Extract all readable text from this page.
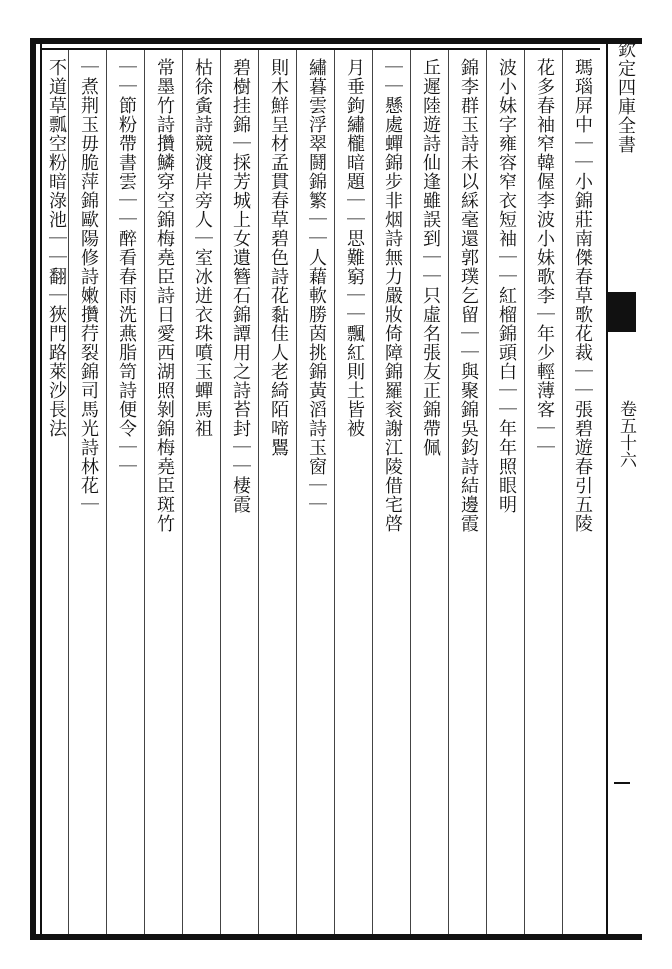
欽定四庫全書
卷五十六
瑪瑙屏中｜｜小錦莊南傑春草歌花裁｜｜張碧遊春引五陵
花多春袖窄韓偓李波小妹歌李｜年少輕薄客｜｜
波小妹字雍容窄衣短袖｜｜紅榴錦頭白｜｜年年照眼明
錦李群玉詩未以綵毫還郭璞乞留｜｜與聚錦吳鈞詩結邊霞
丘遲陸遊詩仙逢雖誤到｜｜只虛名張友正錦帶佩
｜｜懸處蟬錦步非烟詩無力嚴妝倚障錦羅衮謝江陵借宅啓
月垂鉤繡櫳暗題｜｜思難窮｜｜飄紅則土皆被
繡暮雲浮翠鬪錦繁｜｜人藉軟勝茵挑錦黃滔詩玉窗｜｜
則木鮮呈材孟貫春草碧色詩花黏佳人老綺陌啼鸎
碧樹挂錦｜採芳城上女遺簪石錦譚用之詩苔封｜｜棲霞
枯徐夤詩競渡岸旁人｜室冰迸衣珠噴玉蟬馬祖
常墨竹詩攢鱗穿空錦梅堯臣詩日愛西湖照剝錦梅堯臣斑竹
｜｜節粉帶書雲｜｜醉看春雨洗燕脂笥詩便令｜｜
｜煮荆玉毋脆萍錦歐陽修詩嫩攢荇裂錦司馬光詩林花｜
不道草瓢空粉暗淥池｜｜翻｜狹門路萊沙長法
